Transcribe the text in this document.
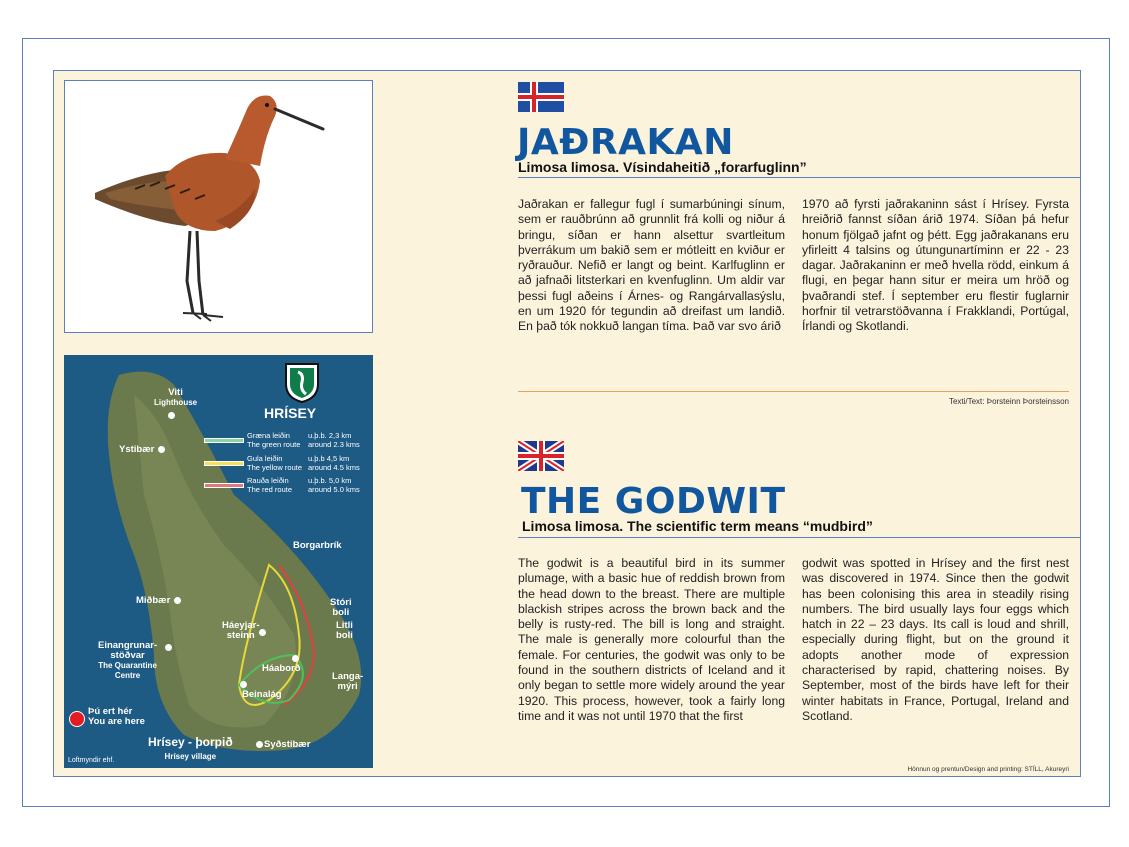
HRÍSEY
Græna leiðin
The green route
u.þ.b. 2,3 km
around 2.3 kms
Gula leiðin
The yellow route
u.þ.b 4,5 km
around 4.5 kms
Rauða leiðin
The red route
u.þ.b. 5,0 km
around 5.0 kms
Viti
Lighthouse
Ystibær
Borgarbrík
Miðbær	Stóri
boli
Litli
boli
Háeyjar-
steinn
Einangrunar-
stöðvar
The Quarantine
Centre
Háaborð
Langa-
mýri
Beinalág
Þú ert hér
You are here
Hrísey - þorpið
Hrísey village
Syðstibær
Loftmyndir ehf.
JAÐRAKAN
Limosa limosa. Vísindaheitið „forarfuglinn”
Jaðrakan er fallegur fugl í sumarbúningi sínum, sem er rauðbrúnn að grunnlit frá kolli og niður á bringu, síðan er hann alsettur svartleitum þverrákum um bakið sem er mótleitt en kviður er ryðrauður. Nefið er langt og beint. Karlfuglinn er að jafnaði litsterkari en kvenfuglinn. Um aldir var þessi fugl aðeins í Árnes- og Rangárvallasýslu, en um 1920 fór tegundin að dreifast um landið. En það tók nokkuð langan tíma. Það var svo árið
1970 að fyrsti jaðrakaninn sást í Hrísey. Fyrsta hreiðrið fannst síðan árið 1974. Síðan þá hefur honum fjölgað jafnt og þétt. Egg jaðrakanans eru yfirleitt 4 talsins og útungunartíminn er 22 - 23 dagar. Jaðrakaninn er með hvella rödd, einkum á flugi, en þegar hann situr er meira um hröð og þvaðrandi stef. Í september eru flestir fuglarnir horfnir til vetrarstöðvanna í Frakklandi, Portúgal, Írlandi og Skotlandi.
Texti/Text: Þorsteinn Þorsteinsson
THE GODWIT
Limosa limosa. The scientific term means “mudbird”
The godwit is a beautiful bird in its summer plumage, with a basic hue of reddish brown from the head down to the breast. There are multiple blackish stripes across the brown back and the belly is rusty-red. The bill is long and straight. The male is generally more colourful than the female. For centuries, the godwit was only to be found in the southern districts of Iceland and it only began to settle more widely around the year 1920. This process, however, took a fairly long time and it was not until 1970 that the first
godwit was spotted in Hrísey and the first nest was discovered in 1974. Since then the godwit has been colonising this area in steadily rising numbers. The bird usually lays four eggs which hatch in 22 – 23 days. Its call is loud and shrill, especially during flight, but on the ground it adopts another mode of expression characterised by rapid, chattering noises. By September, most of the birds have left for their winter habitats in France, Portugal, Ireland and Scotland.
Hönnun og prentun/Design and printing: STÍLL, Akureyri
